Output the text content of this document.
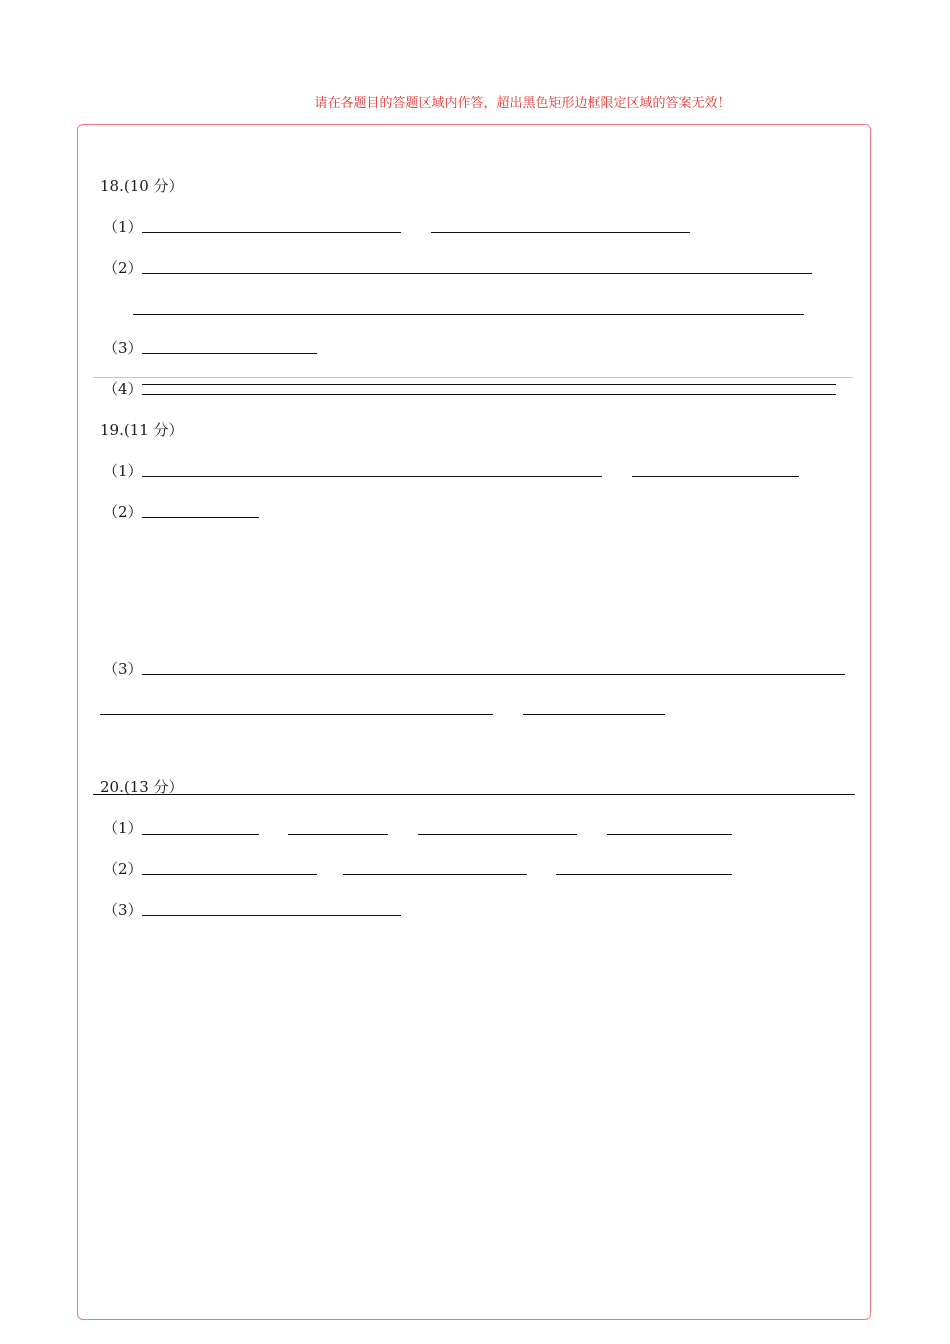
请在各题目的答题区域内作答，超出黑色矩形边框限定区域的答案无效！
18.(10 分）
（1）
（2）
（3）
（4）
19.(11 分）
（1）
（2）
（3）
20.(13 分）
（1）
（2）
（3）
